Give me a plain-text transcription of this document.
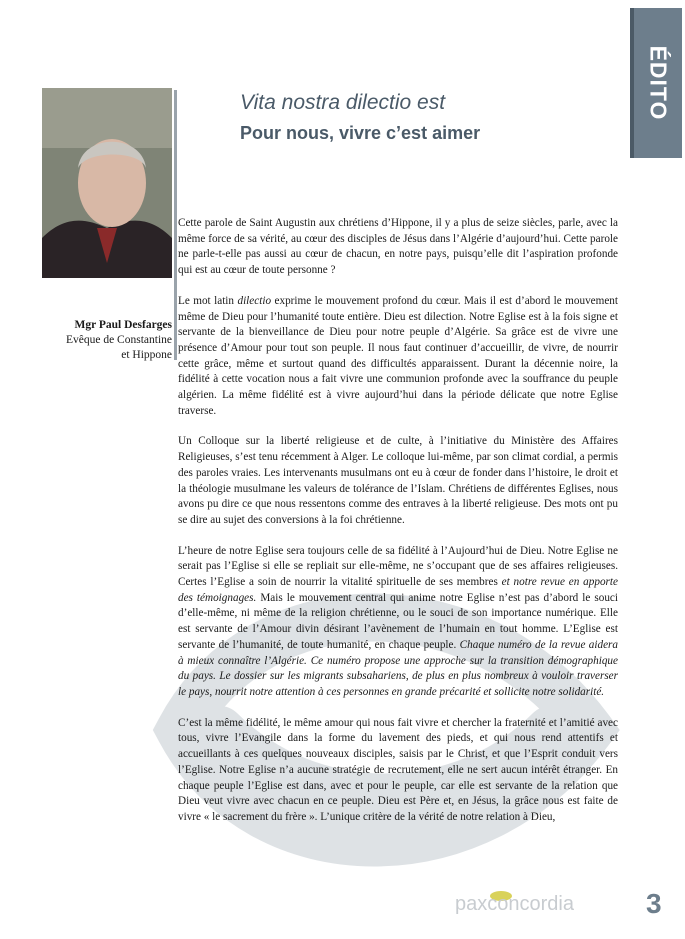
ÉDITO
Mgr Paul Desfarges
Evêque de Constantine
et Hippone
Vita nostra dilectio est
Pour nous, vivre c’est aimer

Cette parole de Saint Augustin aux chrétiens d’Hippone, il y a plus de seize siècles, parle, avec la même force de sa vérité, au cœur des disciples de Jésus dans l’Algérie d’aujourd’hui. Cette parole ne parle-t-elle pas aussi au cœur de chacun, en notre pays, puisqu’elle dit l’aspiration profonde qui est au cœur de toute personne ?

Le mot latin dilectio exprime le mouvement profond du cœur. Mais il est d’abord le mouvement même de Dieu pour l’humanité toute entière. Dieu est dilection. Notre Eglise est à la fois signe et servante de la bienveillance de Dieu pour notre peuple d’Algérie. Sa grâce est de vivre une présence d’Amour pour tout son peuple. Il nous faut continuer d’accueillir, de vivre, de nourrir cette grâce, même et surtout quand des difficultés apparaissent. Durant la décennie noire, la fidélité à cette vocation nous a fait vivre une communion profonde avec la souffrance du peuple algérien. La même fidélité est à vivre aujourd’hui dans la période délicate que notre Eglise traverse.

Un Colloque sur la liberté religieuse et de culte, à l’initiative du Ministère des Affaires Religieuses, s’est tenu récemment à Alger. Le colloque lui-même, par son climat cordial, a permis des paroles vraies. Les intervenants musulmans ont eu à cœur de fonder dans l’histoire, le droit et la théologie musulmane les valeurs de tolérance de l’Islam. Chrétiens de différentes Eglises, nous avons pu dire ce que nous ressentons comme des entraves à la liberté religieuse. Des mots ont pu se dire au sujet des conversions à la foi chrétienne.

L’heure de notre Eglise sera toujours celle de sa fidélité à l’Aujourd’hui de Dieu. Notre Eglise ne serait pas l’Eglise si elle se repliait sur elle-même, ne s’occupant que de ses affaires religieuses. Certes l’Eglise a soin de nourrir la vitalité spirituelle de ses membres et notre revue en apporte des témoignages. Mais le mouvement central qui anime notre Eglise n’est pas d’abord le souci d’elle-même, ni même de la religion chrétienne, ou le souci de son importance numérique. Elle est servante de l’Amour divin désirant l’avènement de l’humain en tout homme. L’Eglise est servante de l’humanité, de toute humanité, en chaque peuple. Chaque numéro de la revue aidera à mieux connaître l’Algérie. Ce numéro propose une approche sur la transition démographique du pays. Le dossier sur les migrants subsahariens, de plus en plus nombreux à vouloir traverser le pays, nourrit notre attention à ces personnes en grande précarité et sollicite notre solidarité.

C’est la même fidélité, le même amour qui nous fait vivre et chercher la fraternité et l’amitié avec tous, vivre l’Evangile dans la forme du lavement des pieds, et qui nous rend attentifs et accueillants à ces quelques nouveaux disciples, saisis par le Christ, et que l’Esprit conduit vers l’Eglise. Notre Eglise n’a aucune stratégie de recrutement, elle ne sert aucun intérêt étranger. En chaque peuple l’Eglise est dans, avec et pour le peuple, car elle est servante de la relation que Dieu veut vivre avec chacun en ce peuple. Dieu est Père et, en Jésus, la grâce nous est faite de vivre « le sacrement du frère ». L’unique critère de la vérité de notre relation à Dieu,

paxconcordia	3
